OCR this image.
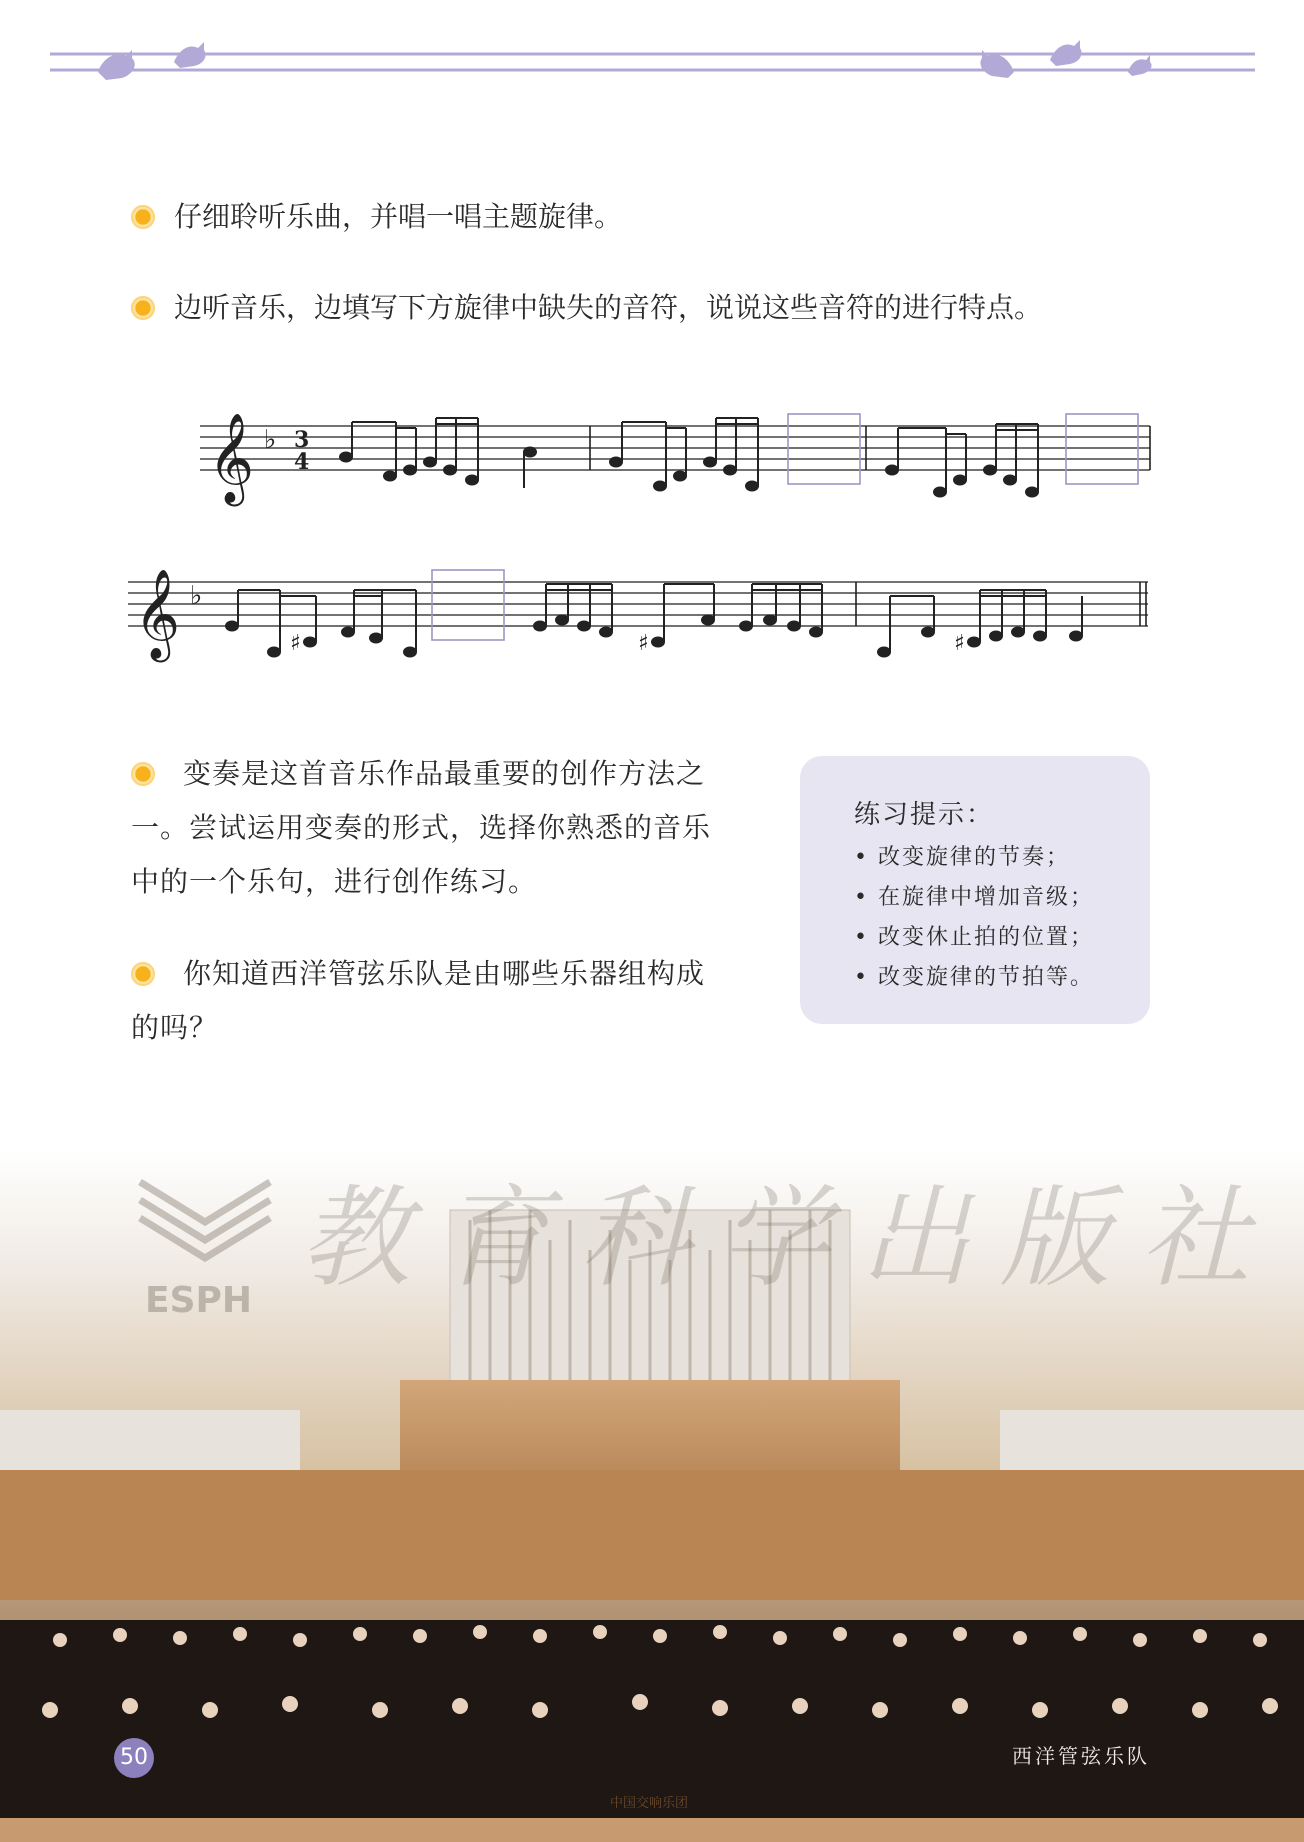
仔细聆听乐曲，并唱一唱主题旋律。
边听音乐，边填写下方旋律中缺失的音符，说说这些音符的进行特点。
𝄞 ♭ 3
4
𝄞 ♭
♯	♯	♯
变奏是这首音乐作品最重要的创作方法之
一。尝试运用变奏的形式，选择你熟悉的音乐
中的一个乐句，进行创作练习。
你知道西洋管弦乐队是由哪些乐器组构成
的吗？
练习提示：
• 改变旋律的节奏；
• 在旋律中增加音级；
• 改变休止拍的位置；
• 改变旋律的节拍等。
教育科学出版社
ESPH
50	西洋管弦乐队
中国交响乐团
